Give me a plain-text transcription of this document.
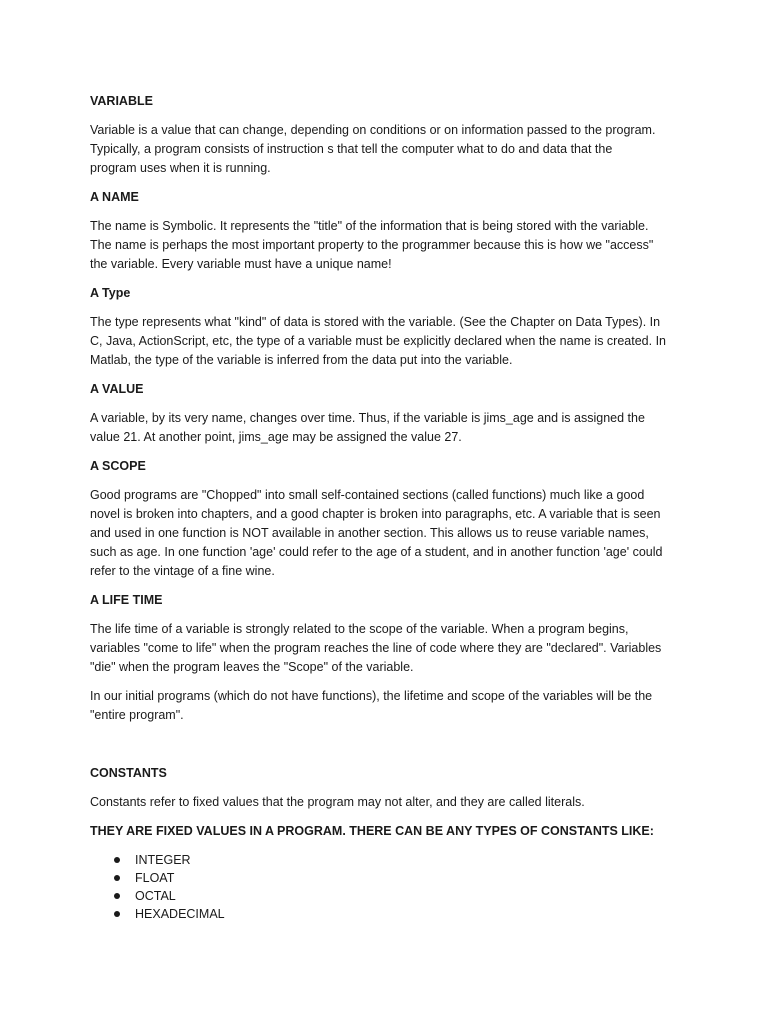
VARIABLE
Variable is a value that can change, depending on conditions or on information passed to the program.
Typically, a program consists of instruction s that tell the computer what to do and data that the
program uses when it is running.
A NAME
The name is Symbolic. It represents the "title" of the information that is being stored with the variable.
The name is perhaps the most important property to the programmer because this is how we "access"
the variable. Every variable must have a unique name!
A Type
The type represents what "kind" of data is stored with the variable. (See the Chapter on Data Types). In
C, Java, ActionScript, etc, the type of a variable must be explicitly declared when the name is created. In
Matlab, the type of the variable is inferred from the data put into the variable.
A VALUE
A variable, by its very name, changes over time. Thus, if the variable is jims_age and is assigned the
value 21. At another point, jims_age may be assigned the value 27.
A SCOPE
Good programs are "Chopped" into small self-contained sections (called functions) much like a good
novel is broken into chapters, and a good chapter is broken into paragraphs, etc. A variable that is seen
and used in one function is NOT available in another section. This allows us to reuse variable names,
such as age. In one function 'age' could refer to the age of a student, and in another function 'age' could
refer to the vintage of a fine wine.
A LIFE TIME
The life time of a variable is strongly related to the scope of the variable. When a program begins,
variables "come to life" when the program reaches the line of code where they are "declared". Variables
"die" when the program leaves the "Scope" of the variable.
In our initial programs (which do not have functions), the lifetime and scope of the variables will be the
"entire program".
CONSTANTS
Constants refer to fixed values that the program may not alter, and they are called literals.
THEY ARE FIXED VALUES IN A PROGRAM. THERE CAN BE ANY TYPES OF CONSTANTS LIKE:
INTEGER
FLOAT
OCTAL
HEXADECIMAL
